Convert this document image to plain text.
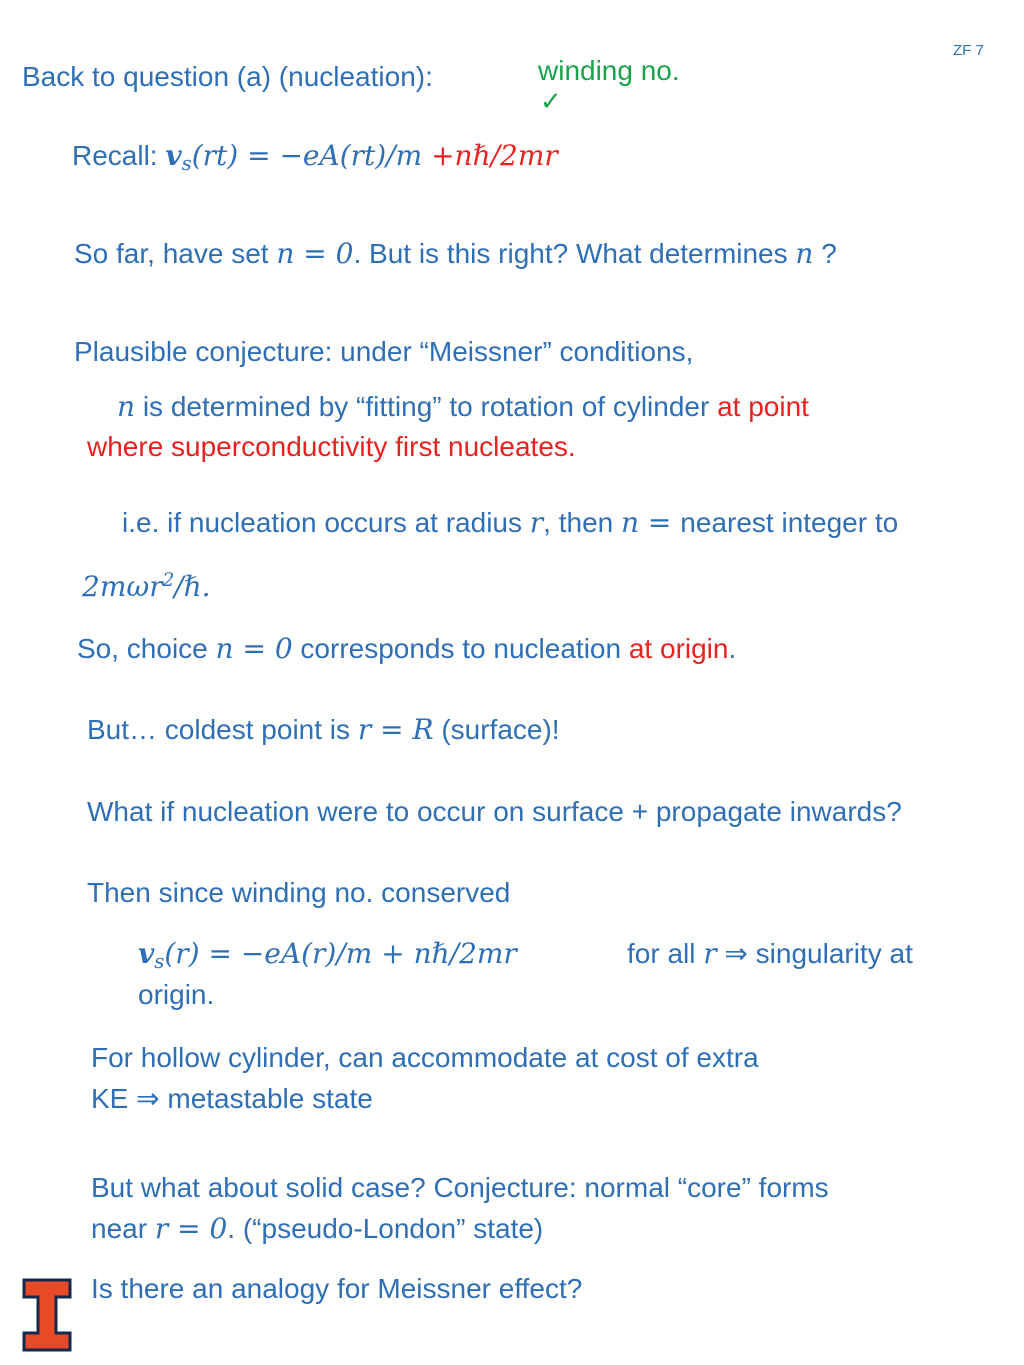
ZF 7
Back to question (a) (nucleation):	winding no.
✓
Recall: $v_s(rt) = -eA(rt)/m$ +nℏ/2mr
So far, have set n = 0. But is this right? What determines n ?
Plausible conjecture: under “Meissner” conditions,
n is determined by “fitting” to rotation of cylinder at point
where superconductivity first nucleates.
i.e. if nucleation occurs at radius r, then n = nearest integer to
2mωr$^2$/ℏ.
So, choice n = 0 corresponds to nucleation at origin.
But… coldest point is r = R (surface)!
What if nucleation were to occur on surface + propagate inwards?
Then since winding no. conserved
$v_s(r) = -eA(r)/m$ + nℏ/2mr	for all r ⇒ singularity at
origin.
For hollow cylinder, can accommodate at cost of extra
KE ⇒ metastable state
But what about solid case? Conjecture: normal “core” forms
near r = 0. (“pseudo-London” state)
Is there an analogy for Meissner effect?
